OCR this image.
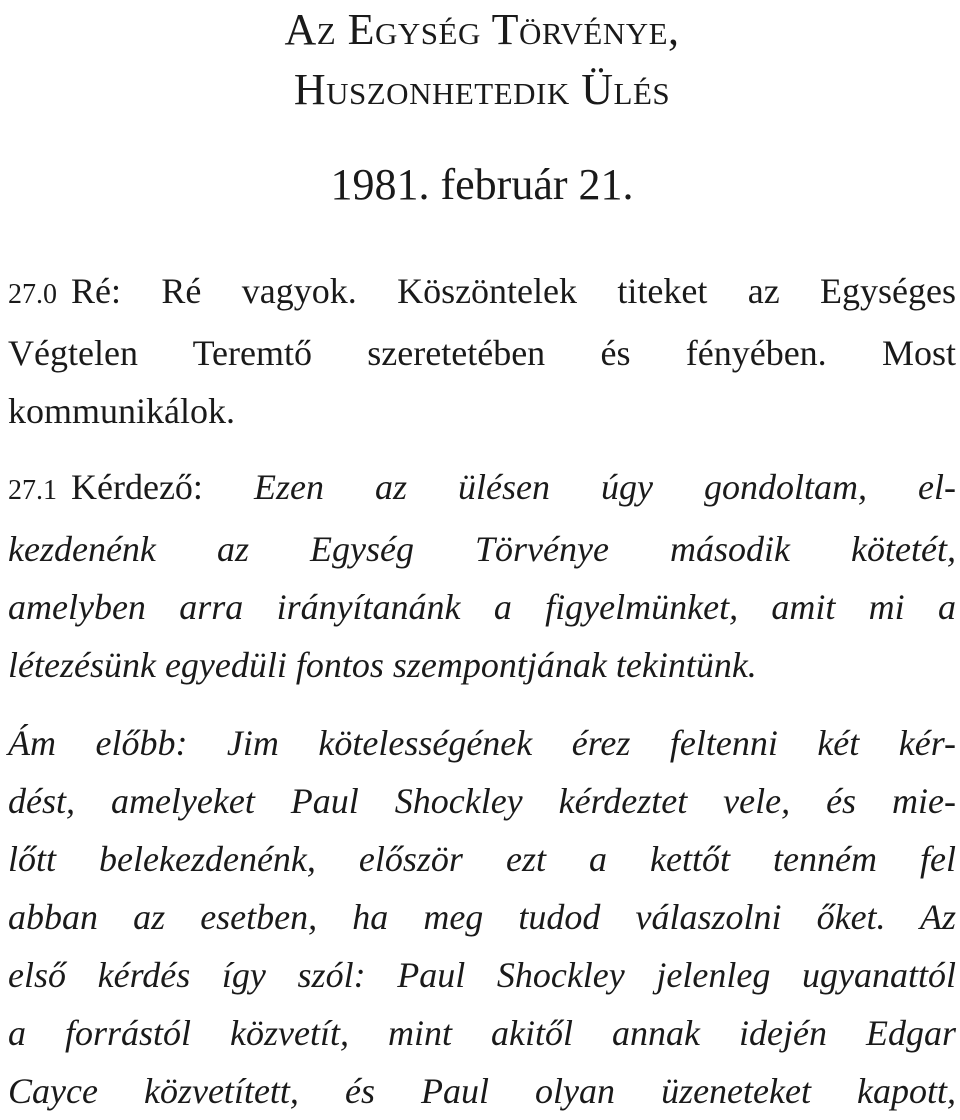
Az Egység Törvénye,
Huszonhetedik Ülés

1981. február 21.

27.0 Ré: Ré vagyok. Köszöntelek titeket az Egységes
Végtelen Teremtő szeretetében és fényében. Most
kommunikálok.

27.1 Kérdező: Ezen az ülésen úgy gondoltam, el-
kezdenénk az Egység Törvénye második kötetét,
amelyben arra irányítanánk a figyelmünket, amit mi a
létezésünk egyedüli fontos szempontjának tekintünk.

Ám előbb: Jim kötelességének érez feltenni két kér-
dést, amelyeket Paul Shockley kérdeztet vele, és mie-
lőtt belekezdenénk, először ezt a kettőt tenném fel
abban az esetben, ha meg tudod válaszolni őket. Az
első kérdés így szól: Paul Shockley jelenleg ugyanattól
a forrástól közvetít, mint akitől annak idején Edgar
Cayce közvetített, és Paul olyan üzeneteket kapott,
